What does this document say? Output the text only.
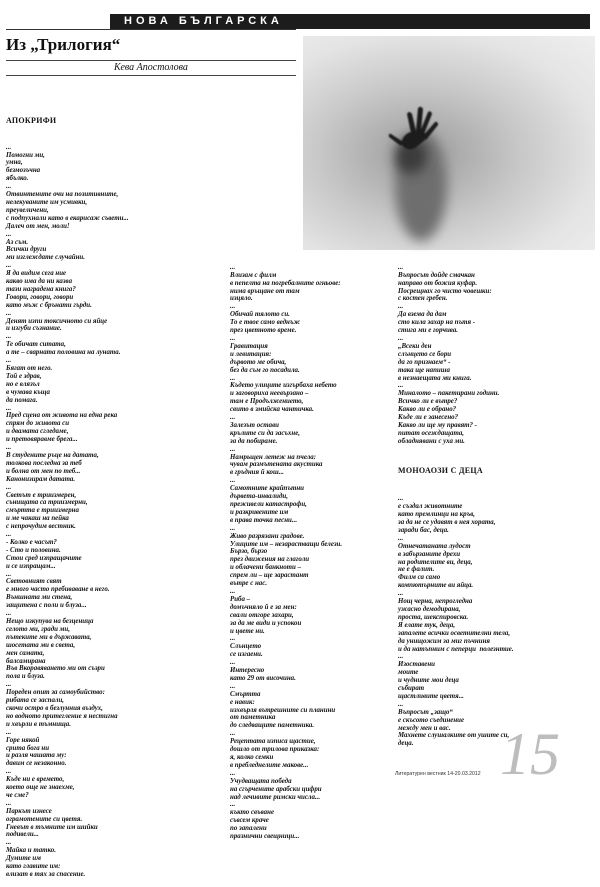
НОВА БЪЛГАРСКА
Из „Трилогия“
Кева Апостолова

АПОКРИФИ

...
Помогни ми,
умна,
безмозъчна
ябълко.
...
Отвинтените очи на позитивните,
нелекуваните им усмивки,
преувеличени,
с подпухнали като в екарисаж съвети...
Далеч от мен, моли!
...
Аз съм.
Всички други
ми изглеждате случайни.
...
Я да видим сега ние
какво има да ни казва
тази наградена книга?
Говори, говори, говори
като мъж с брънати гърди.
...
Денят изпи токсичното си яйце
и изгуби съзнание.
...
Те обичат ситата,
а те – сварната половина на луната.
...
Бягат от него.
Той е здрав,
но е влязъл
в чумава къща
да помага.
...
Пред сцена от живота на една река
спрям до живота си
и двамата сгледаме,
и претовяравме брега...
...
В студените ръце на датата,
толкова последна за теб
и болна от мен по теб...
Канонизирам датата.
...
Светът е триизмерен,
сънищата са триизмерни,
смъртта е триизмерна
и ме чакаш на пейка
с непрочудим вестник.
...
- Колко е часът?
- Сто и половина.
Стои сред изпращачите
и се изпращам...
...
Световният свят
е много часто пребиваване в него.
Външната ми стена,
защитена с поли и блуза...
...
Нещо изкупува на безценица
селото ми, гради ми,
пътеките ми в държавата,
шосетата ми в света,
мен самата,
балсамирана
Във Вкоравяването ми от съзри
пола и блуза.
...
Пореден опит за самоубийство:
рибата се заспали,
скочи остро в безлунния въздух,
но водното притегление я нестигна
и хвърли в тъмнища.
...
Горе някой
срита бога ни
и разля чашата му:
давим се незаконно.
...
Къде ни е времето,
което още не знаехме,
че сме?
...
Паркът изнесе
ограмотените си цветя.
Гневът в тъмните им шийки
подивели...
...
Майка и татко.
Думите им
като главите им:
влизат в тях за спасение.

...
Влизам с филм
в пепелта на погребалните огньове:
нима връщане от там
изцяло.
...
Обичай тялото си.
То е твое само веднъж
през цветното време.
...
Гравитация
и левитация:
дървото ме обича,
без да съм го посадила.
...
Където улиците изгърбаха небето
и заговорихa неевързано –
там е Продължението,
свито в змийска чантичка.
...
Залезът остави
крълите си да засъхне,
за да побираме.
...
Намрьщен летеж на пчела:
чувам размътената акустика
в гръдния й кош...
...
Самотните крайпътни
дървета-инвалиди,
преживели катастрофи,
и разкривените им
в права точка песни...
...
Живо разрязани градове.
Улиците им – незарастващи белези.
Бързо, бързо
през движения на глаголи
и облачени банкноти –
спрем ли – ще зарастант
вътре с нас.
...
Риба –
домъчняло й е за мен:
свали отгоре захари,
за да ме види и успокои
и цвете ни.
...
Слънцето
се изгаени.
...
Интересно
като 29 от височина.
...
Смъртта
е навик:
изхвърля вътрешните си планини
от паметника
до следващите паметника.
...
Рецептата изписа щастие,
дошло от трилова приказка:
я, колко семки
в пребледнелите макове...
...
Учудващата победа
на сгърчените арабски цифри
над лечивите римски числа...
...
къкто свъване
съвсем крачe
по запалени
празнични свещници...

...
Въпросът дойде смачкан
направо от божия куфар.
Посрещнах го чисто човешки:
с костен гребен.
...
Да взема да дам
сто кила захар на пътя -
стига ми е горчива.
...
„Всеки ден
слънцето се бори
да го признаем“ -
така ще напиша
в незнаещата ми книга.
...
Миналото – пакетирани години.
Всичко ли е вътре?
Какво ли е обрано?
Къде ли е занесено?
Какво ли ще му правят? -
питат осеждащата,
обладнявани с уха ми.

МОНОАОЗИ С ДЕЦА

...
е създал живoтните
като премлинци на кръв,
за да не се удавят в нея хората,
заради бас, деца.
...
Отнечатаната лудост
в забързаните дрехи
на родителите ви, деца,
не е фалит.
Филм са само
компютърните ви яйца.
...
Нощ черна, непрогледна
ужасно демодирана,
проста, шекспировска.
Я елате тук, деца,
запалете всички осветителни тела,
да унищожим за миг пъчниня
и да натъпним с пепeрци  полезнтие.
...
Изоставени
моите
и чудните мои деца
събират
щастливите цветя...
...
Въпросът „защо“
е скъсото съединение
между мен и вас.
Махнете слушалките от ушите си,
деца.

Литературен вестник 14-20.03.2012 15
